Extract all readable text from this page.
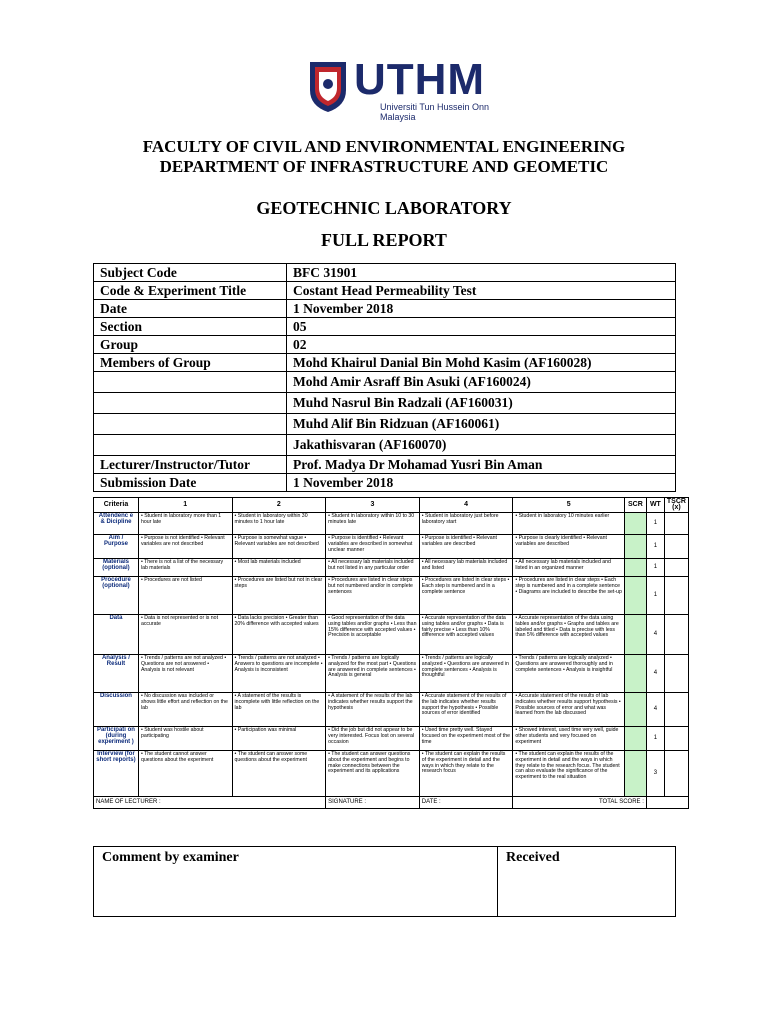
UTHM
Universiti Tun Hussein Onn Malaysia
FACULTY OF CIVIL AND ENVIRONMENTAL ENGINEERING
DEPARTMENT OF INFRASTRUCTURE AND GEOMETIC
GEOTECHNIC LABORATORY
FULL REPORT
Subject Code	BFC 31901
Code & Experiment Title	Costant Head Permeability Test
Date	1 November 2018
Section	05
Group	02
Members of Group	Mohd Khairul Danial Bin Mohd Kasim (AF160028)
	Mohd Amir Asraff Bin Asuki (AF160024)
	Muhd Nasrul Bin Radzali (AF160031)
	Muhd Alif Bin Ridzuan (AF160061)
	Jakathisvaran (AF160070)
Lecturer/Instructor/Tutor	Prof. Madya Dr Mohamad Yusri Bin Aman
Submission Date	1 November 2018
Criteria	1	2	3	4	5	SCR	WT	TSCR (x)
Attendenc e & Dicipline	• Student in laboratory more than 1 hour late	• Student in laboratory within 30 minutes to 1 hour late	• Student in laboratory within 10 to 30 minutes late	• Student in laboratory just before laboratory start	• Student in laboratory 10 minutes earlier		1	
Aim / Purpose	• Purpose is not identified • Relevant variables are not described	• Purpose is somewhat vague • Relevant variables are not described	• Purpose is identified • Relevant variables are described in somewhat unclear manner	• Purpose is identified • Relevant variables are described	• Purpose is clearly identified • Relevant variables are described		1	
Materials (optional)	• There is not a list of the necessary lab materials	• Most lab materials included	• All necessary lab materials included but not listed in any particular order	• All necessary lab materials included and listed	• All necessary lab materials included and listed in an organized manner		1	
Procedure (optional)	• Procedures are not listed	• Procedures are listed but not in clear steps	• Procedures are listed in clear steps but not numbered and/or in complete sentences	• Procedures are listed in clear steps • Each step is numbered and in a complete sentence	• Procedures are listed in clear steps • Each step is numbered and in a complete sentence • Diagrams are included to describe the set-up		1	
Data	• Data is not represented or is not accurate	• Data lacks precision • Greater than 20% difference with accepted values	• Good representation of the data using tables and/or graphs • Less than 15% difference with accepted values • Precision is acceptable	• Accurate representation of the data using tables and/or graphs • Data is fairly precise • Less than 10% difference with accepted values	• Accurate representation of the data using tables and/or graphs • Graphs and tables are labeled and titled • Data is precise with less than 5% difference with accepted values		4	
Analysis / Result	• Trends / patterns are not analyzed • Questions are not answered • Analysis is not relevant	• Trends / patterns are not analyzed • Answers to questions are incomplete • Analysis is inconsistent	• Trends / patterns are logically analyzed for the most part • Questions are answered in complete sentences • Analysis is general	• Trends / patterns are logically analyzed • Questions are answered in complete sentences • Analysis is thoughtful	• Trends / patterns are logically analyzed • Questions are answered thoroughly and in complete sentences • Analysis is insightful		4	
Discussion	• No discussion was included or shows little effort and reflection on the lab	• A statement of the results is incomplete with little reflection on the lab	• A statement of the results of the lab indicates whether results support the hypothesis	• Accurate statement of the results of the lab indicates whether results support the hypothesis • Possible sources of error identified	• Accurate statement of the results of lab indicates whether results support hypothesis • Possible sources of error and what was learned from the lab discussed		4	
Participati on (during experiment )	• Student was hostile about participating	• Participation was minimal	• Did the job but did not appear to be very interested. Focus lost on several occasion	• Used time pretty well. Stayed focused on the experiment most of the time	• Showed interest, used time very well, guide other students and very focused on experiment		1	
Interview (for short reports)	• The student cannot answer questions about the experiment	• The student can answer some questions about the experiment	• The student can answer questions about the experiment and begins to make connections between the experiment and its applications	• The student can explain the results of the experiment in detail and the ways in which they relate to the research focus	• The student can explain the results of the experiment in detail and the ways in which they relate to the research focus. The student can also evaluate the significance of the experiment to the real situation		3	
NAME OF LECTURER :			SIGNATURE :	DATE :	TOTAL SCORE :			
Comment by examiner	Received
